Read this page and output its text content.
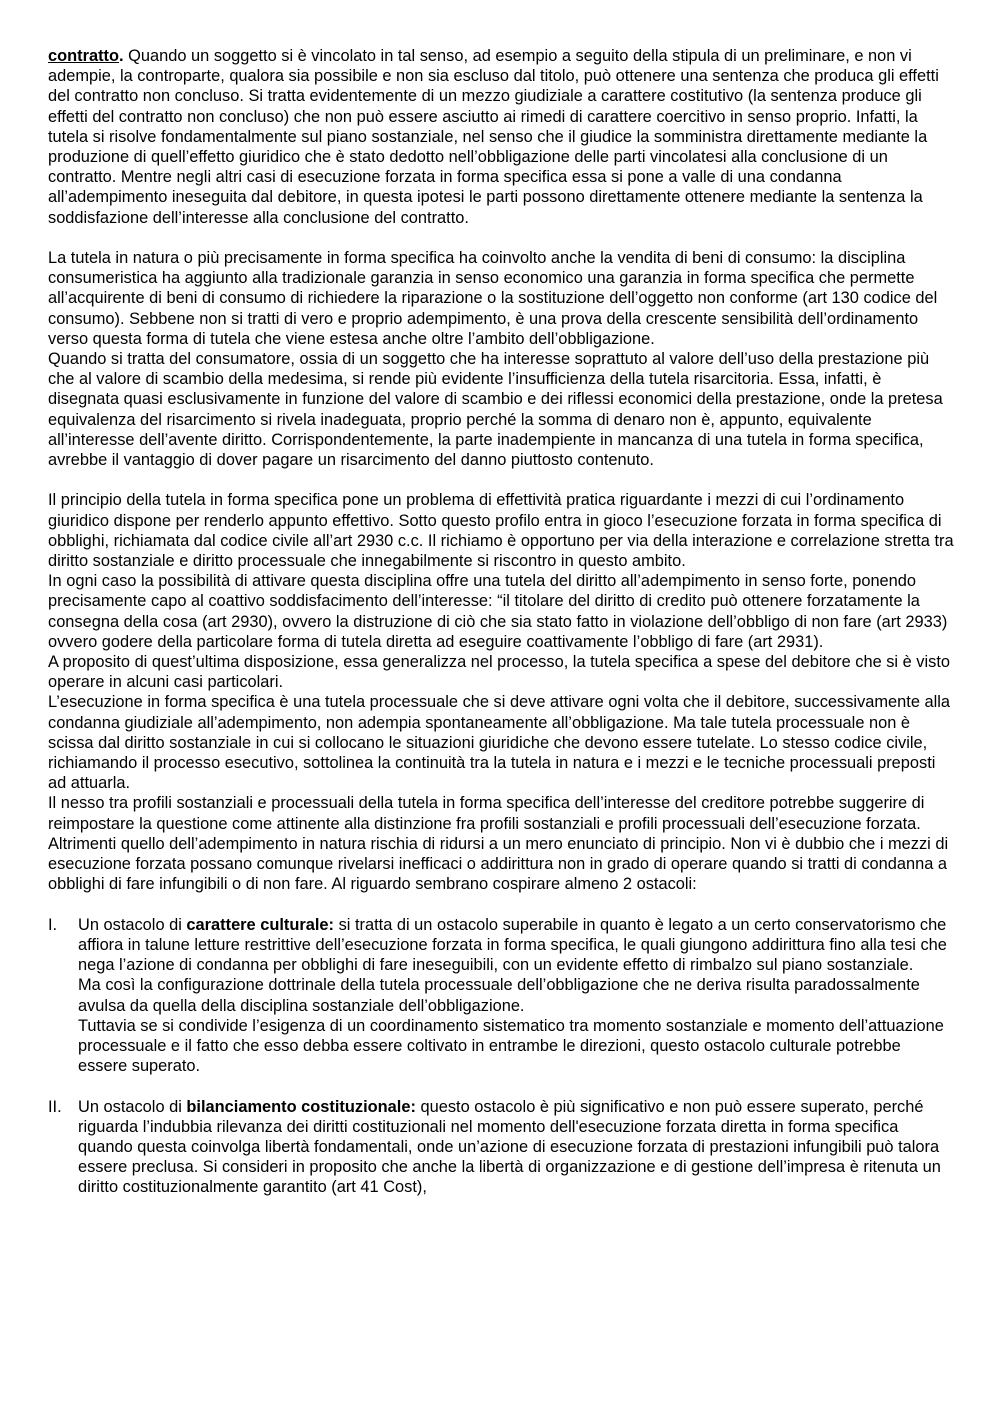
contratto. Quando un soggetto si è vincolato in tal senso, ad esempio a seguito della stipula di un preliminare, e non vi adempie, la controparte, qualora sia possibile e non sia escluso dal titolo, può ottenere una sentenza che produca gli effetti del contratto non concluso. Si tratta evidentemente di un mezzo giudiziale a carattere costitutivo (la sentenza produce gli effetti del contratto non concluso) che non può essere asciutto ai rimedi di carattere coercitivo in senso proprio. Infatti, la tutela si risolve fondamentalmente sul piano sostanziale, nel senso che il giudice la somministra direttamente mediante la produzione di quell’effetto giuridico che è stato dedotto nell’obbligazione delle parti vincolatesi alla conclusione di un contratto. Mentre negli altri casi di esecuzione forzata in forma specifica essa si pone a valle di una condanna all’adempimento ineseguita dal debitore, in questa ipotesi le parti possono direttamente ottenere mediante la sentenza la soddisfazione dell’interesse alla conclusione del contratto.

La tutela in natura o più precisamente in forma specifica ha coinvolto anche la vendita di beni di consumo: la disciplina consumeristica ha aggiunto alla tradizionale garanzia in senso economico una garanzia in forma specifica che permette all’acquirente di beni di consumo di richiedere la riparazione o la sostituzione dell’oggetto non conforme (art 130 codice del consumo). Sebbene non si tratti di vero e proprio adempimento, è una prova della crescente sensibilità dell’ordinamento verso questa forma di tutela che viene estesa anche oltre l’ambito dell’obbligazione.

Quando si tratta del consumatore, ossia di un soggetto che ha interesse soprattuto al valore dell’uso della prestazione più che al valore di scambio della medesima, si rende più evidente l’insufficienza della tutela risarcitoria. Essa, infatti, è disegnata quasi esclusivamente in funzione del valore di scambio e dei riflessi economici della prestazione, onde la pretesa equivalenza del risarcimento si rivela inadeguata, proprio perché la somma di denaro non è, appunto, equivalente all’interesse dell’avente diritto. Corrispondentemente, la parte inadempiente in mancanza di una tutela in forma specifica, avrebbe il vantaggio di dover pagare un risarcimento del danno piuttosto contenuto.

Il principio della tutela in forma specifica pone un problema di effettività pratica riguardante i mezzi di cui l’ordinamento giuridico dispone per renderlo appunto effettivo. Sotto questo profilo entra in gioco l’esecuzione forzata in forma specifica di obblighi, richiamata dal codice civile all’art 2930 c.c. Il richiamo è opportuno per via della interazione e correlazione stretta tra diritto sostanziale e diritto processuale che innegabilmente si riscontro in questo ambito.

In ogni caso la possibilità di attivare questa disciplina offre una tutela del diritto all’adempimento in senso forte, ponendo precisamente capo al coattivo soddisfacimento dell’interesse: “il titolare del diritto di credito può ottenere forzatamente la consegna della cosa (art 2930), ovvero la distruzione di ciò che sia stato fatto in violazione dell’obbligo di non fare (art 2933) ovvero godere della particolare forma di tutela diretta ad eseguire coattivamente l’obbligo di fare (art 2931).

A proposito di quest’ultima disposizione, essa generalizza nel processo, la tutela specifica a spese del debitore che si è visto operare in alcuni casi particolari.

L’esecuzione in forma specifica è una tutela processuale che si deve attivare ogni volta che il debitore, successivamente alla condanna giudiziale all’adempimento, non adempia spontaneamente all’obbligazione. Ma tale tutela processuale non è scissa dal diritto sostanziale in cui si collocano le situazioni giuridiche che devono essere tutelate. Lo stesso codice civile, richiamando il processo esecutivo, sottolinea la continuità tra la tutela in natura e i mezzi e le tecniche processuali preposti ad attuarla.

Il nesso tra profili sostanziali e processuali della tutela in forma specifica dell’interesse del creditore potrebbe suggerire di reimpostare la questione come attinente alla distinzione fra profili sostanziali e profili processuali dell’esecuzione forzata. Altrimenti quello dell’adempimento in natura rischia di ridursi a un mero enunciato di principio. Non vi è dubbio che i mezzi di esecuzione forzata possano comunque rivelarsi inefficaci o addirittura non in grado di operare quando si tratti di condanna a obblighi di fare infungibili o di non fare. Al riguardo sembrano cospirare almeno 2 ostacoli:

I. Un ostacolo di carattere culturale: si tratta di un ostacolo superabile in quanto è legato a un certo conservatorismo che affiora in talune letture restrittive dell’esecuzione forzata in forma specifica, le quali giungono addirittura fino alla tesi che nega l’azione di condanna per obblighi di fare ineseguibili, con un evidente effetto di rimbalzo sul piano sostanziale.

Ma così la configurazione dottrinale della tutela processuale dell’obbligazione che ne deriva risulta paradossalmente avulsa da quella della disciplina sostanziale dell’obbligazione.

Tuttavia se si condivide l’esigenza di un coordinamento sistematico tra momento sostanziale e momento dell’attuazione processuale e il fatto che esso debba essere coltivato in entrambe le direzioni, questo ostacolo culturale potrebbe essere superato.

II. Un ostacolo di bilanciamento costituzionale: questo ostacolo è più significativo e non può essere superato, perché riguarda l’indubbia rilevanza dei diritti costituzionali nel momento dell'esecuzione forzata diretta in forma specifica quando questa coinvolga libertà fondamentali, onde un’azione di esecuzione forzata di prestazioni infungibili può talora essere preclusa. Si consideri in proposito che anche la libertà di organizzazione e di gestione dell’impresa è ritenuta un diritto costituzionalmente garantito (art 41 Cost),
